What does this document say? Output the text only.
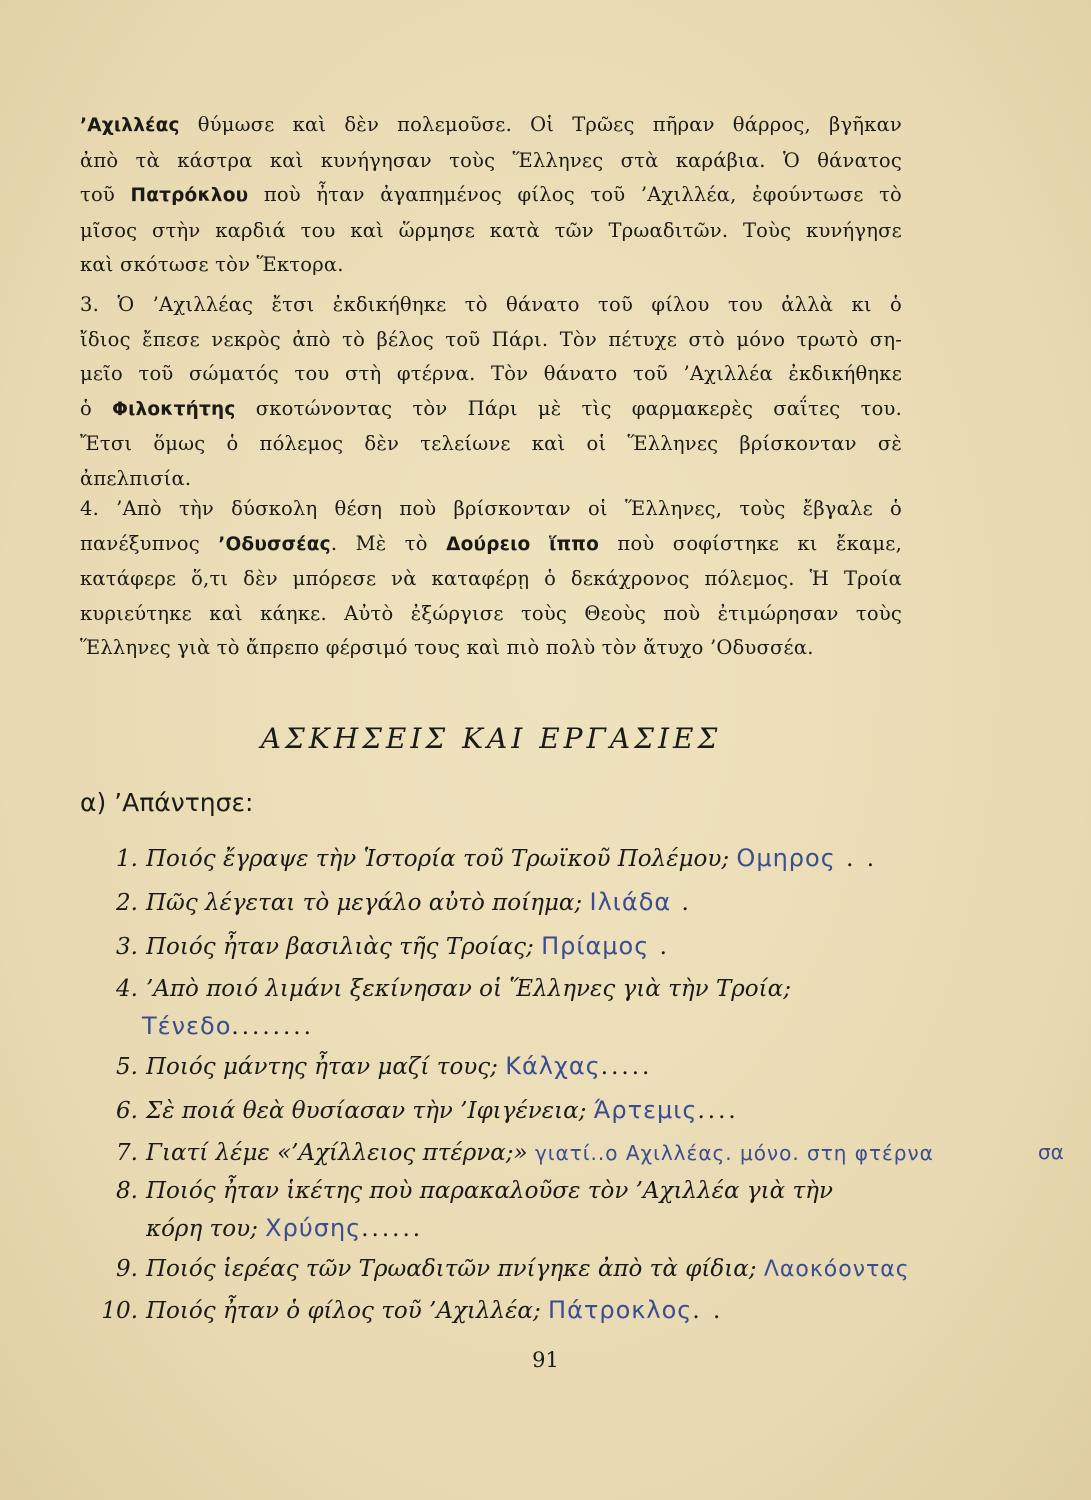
’Αχιλλέας θύμωσε καὶ δὲν πολεμοῦσε. Οἱ Τρῶες πῆραν θάρρος, βγῆκαν
ἀπὸ τὰ κάστρα καὶ κυνήγησαν τοὺς Ἕλληνες στὰ καράβια. Ὁ θάνατος
τοῦ Πατρόκλου ποὺ ἦταν ἀγαπημένος φίλος τοῦ ’Αχιλλέα, ἐφούντωσε τὸ
μῖσος στὴν καρδιά του καὶ ὥρμησε κατὰ τῶν Τρωαδιτῶν. Τοὺς κυνήγησε
καὶ σκότωσε τὸν Ἕκτορα.
3. Ὁ ’Αχιλλέας ἔτσι ἐκδικήθηκε τὸ θάνατο τοῦ φίλου του ἀλλὰ κι ὁ
ἴδιος ἔπεσε νεκρὸς ἀπὸ τὸ βέλος τοῦ Πάρι. Τὸν πέτυχε στὸ μόνο τρωτὸ ση-
μεῖο τοῦ σώματός του στὴ φτέρνα. Τὸν θάνατο τοῦ ’Αχιλλέα ἐκδικήθηκε
ὁ Φιλοκτήτης σκοτώνοντας τὸν Πάρι μὲ τὶς φαρμακερὲς σαΐτες του.
Ἔτσι ὅμως ὁ πόλεμος δὲν τελείωνε καὶ οἱ Ἕλληνες βρίσκονταν σὲ
ἀπελπισία.
4. ’Απὸ τὴν δύσκολη θέση ποὺ βρίσκονταν οἱ Ἕλληνες, τοὺς ἔβγαλε ὁ
πανέξυπνος ’Οδυσσέας. Μὲ τὸ Δούρειο ἵππο ποὺ σοφίστηκε κι ἔκαμε,
κατάφερε ὅ,τι δὲν μπόρεσε νὰ καταφέρῃ ὁ δεκάχρονος πόλεμος. Ἡ Τροία
κυριεύτηκε καὶ κάηκε. Αὐτὸ ἐξώργισε τοὺς Θεοὺς ποὺ ἐτιμώρησαν τοὺς
Ἕλληνες γιὰ τὸ ἄπρεπο φέρσιμό τους καὶ πιὸ πολὺ τὸν ἄτυχο ’Οδυσσέα.
ΑΣΚΗΣΕΙΣ ΚΑΙ ΕΡΓΑΣΙΕΣ
α) ’Απάντησε:
1. Ποιός ἔγραψε τὴν Ἱστορία τοῦ Τρωϊκοῦ Πολέμου; Ομηρος . .
2. Πῶς λέγεται τὸ μεγάλο αὐτὸ ποίημα; Ιλιάδα .
3. Ποιός ἦταν βασιλιὰς τῆς Τροίας; Πρίαμος .
4. ’Απὸ ποιό λιμάνι ξεκίνησαν οἱ Ἕλληνες γιὰ τὴν Τροία;
Τένεδο........
5. Ποιός μάντης ἦταν μαζί τους; Κάλχας.....
6. Σὲ ποιά θεὰ θυσίασαν τὴν ’Ιφιγένεια; Άρτεμις....
7. Γιατί λέμε «’Αχίλλειος πτέρνα;» γιατί..ο Αχιλλέας. μόνο. στη φτέρνα
8. Ποιός ἦταν ἱκέτης ποὺ παρακαλοῦσε τὸν ’Αχιλλέα γιὰ τὴν
κόρη του; Χρύσης......
9. Ποιός ἱερέας τῶν Τρωαδιτῶν πνίγηκε ἀπὸ τὰ φίδια; Λαοκόοντας
10. Ποιός ἦταν ὁ φίλος τοῦ ’Αχιλλέα; Πάτροκλος. .
σα
91
